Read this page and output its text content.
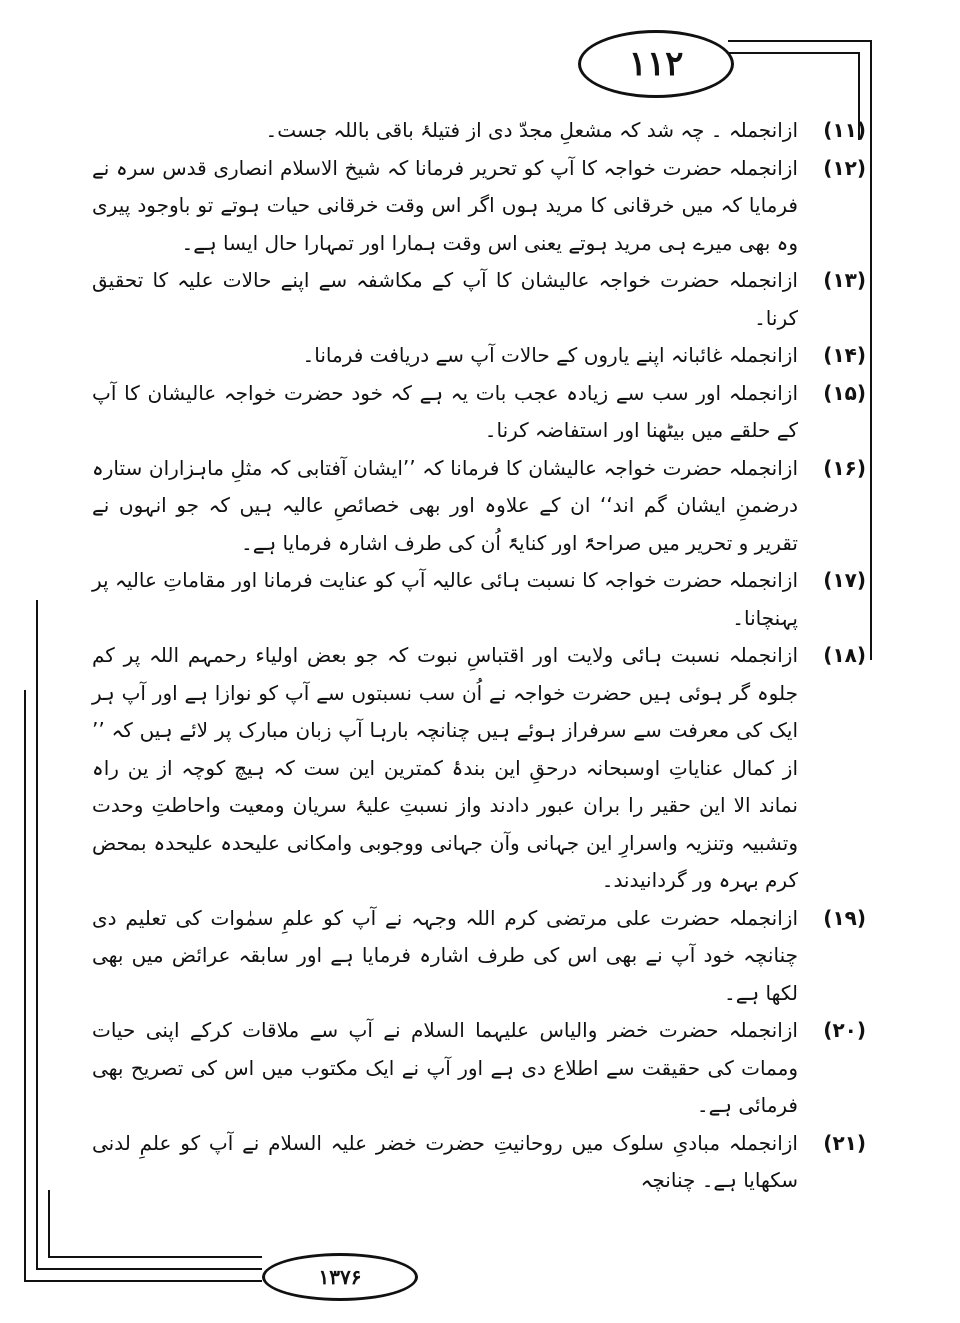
۱۱۲
۱۳۷۶
(۱۱)
ازانجملہ ۔ چہ شد کہ مشعلِ مجدّ دی از فتیلۂ باقی باللہ جست۔
(۱۲)
ازانجملہ حضرت خواجہ کا آپ کو تحریر فرمانا کہ شیخ الاسلام انصاری قدس سرہ نے فرمایا کہ میں خرقانی کا مرید ہوں اگر اس وقت خرقانی حیات ہوتے تو باوجود پیری وہ بھی میرے ہی مرید ہوتے یعنی اس وقت ہمارا اور تمہارا حال ایسا ہے۔
(۱۳)
ازانجملہ حضرت خواجہ عالیشان کا آپ کے مکاشفہ سے اپنے حالات علیہ کا تحقیق کرنا۔
(۱۴)
ازانجملہ غائبانہ اپنے یاروں کے حالات آپ سے دریافت فرمانا۔
(۱۵)
ازانجملہ اور سب سے زیادہ عجب بات یہ ہے کہ خود حضرت خواجہ عالیشان کا آپ کے حلقے میں بیٹھنا اور استفاضہ کرنا۔
(۱۶)
ازانجملہ حضرت خواجہ عالیشان کا فرمانا کہ ’’ایشان آفتابی کہ مثلِ ماہزاران ستارہ درضمنِ ایشان گم اند‘‘ ان کے علاوہ اور بھی خصائصِ عالیہ ہیں کہ جو انہوں نے تقریر و تحریر میں صراحۃً اور کنایۃً اُن کی طرف اشارہ فرمایا ہے۔
(۱۷)
ازانجملہ حضرت خواجہ کا نسبت ہائی عالیہ آپ کو عنایت فرمانا اور مقاماتِ عالیہ پر پہنچانا۔
(۱۸)
ازانجملہ نسبت ہائی ولایت اور اقتباسِ نبوت کہ جو بعض اولیاء رحمہم اللہ پر کم جلوہ گر ہوئی ہیں حضرت خواجہ نے اُن سب نسبتوں سے آپ کو نوازا ہے اور آپ ہر ایک کی معرفت سے سرفراز ہوئے ہیں چنانچہ بارہا آپ زبان مبارک پر لائے ہیں کہ ’’ از کمال عنایاتِ اوسبحانہ درحقِ این بندۂ کمترین این ست کہ ہیچ کوچہ از ین راہ نماند الا این حقیر را بران عبور دادند واز نسبتِ علیۂ سریان ومعیت واحاطتِ وحدت وتشبیہ وتنزیہ واسرارِ این جہانی وآن جہانی ووجوبی وامکانی علیحدہ علیحدہ بمحض کرم بہرہ ور گردانیدند۔
(۱۹)
ازانجملہ حضرت علی مرتضی کرم اللہ وجہہ نے آپ کو علمِ سمٰوات کی تعلیم دی چنانچہ خود آپ نے بھی اس کی طرف اشارہ فرمایا ہے اور سابقہ عرائض میں بھی لکھا ہے۔
(۲۰)
ازانجملہ حضرت خضر والیاس علیہما السلام نے آپ سے ملاقات کرکے اپنی حیات وممات کی حقیقت سے اطلاع دی ہے اور آپ نے ایک مکتوب میں اس کی تصریح بھی فرمائی ہے۔
(۲۱)
ازانجملہ مبادیِ سلوک میں روحانیتِ حضرت خضر علیہ السلام نے آپ کو علمِ لدنی سکھایا ہے۔ چنانچہ
